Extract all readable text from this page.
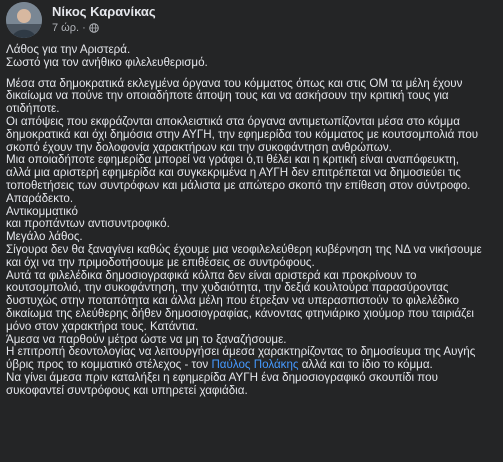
Νίκος Καρανίκας
7 ώρ. ·

Λάθος για την Αριστερά.

Σωστό για τον ανήθικο φιλελευθερισμό.

Μέσα στα δημοκρατικά εκλεγμένα όργανα του κόμματος όπως και στις ΟΜ τα μέλη έχουν
δικαίωμα να πούνε την οποιαδήποτε άποψη τους και να ασκήσουν την κριτική τους για
οτιδήποτε.

Οι απόψεις που εκφράζονται αποκλειστικά στα όργανα αντιμετωπίζονται μέσα στο κόμμα
δημοκρατικά και όχι δημόσια στην ΑΥΓΗ, την εφημερίδα του κόμματος με κουτσομπολιά που
σκοπό έχουν την δολοφονία χαρακτήρων και την συκοφάντηση ανθρώπων.

Μια οποιαδήποτε εφημερίδα μπορεί να γράφει ό,τι θέλει και η κριτική είναι αναπόφευκτη,
αλλά μια αριστερή εφημερίδα και συγκεκριμένα η ΑΥΓΗ δεν επιτρέπεται να δημοσιεύει τις
τοποθετήσεις των συντρόφων και μάλιστα με απώτερο σκοπό την επίθεση στον σύντροφο.

Απαράδεκτο.

Αντικομματικό
και προπάντων αντισυντροφικό.

Μεγάλο λάθος.

Σίγουρα δεν θα ξαναγίνει καθώς έχουμε μια νεοφιλελεύθερη κυβέρνηση της ΝΔ να νικήσουμε
και όχι να την πριμοδοτήσουμε με επιθέσεις σε συντρόφους.

Αυτά τα φιλελέδικα δημοσιογραφικά κόλπα δεν είναι αριστερά και προκρίνουν το
κουτσομπολιό, την συκοφάντηση, την χυδαιότητα, την δεξιά κουλτούρα παρασύροντας
δυστυχώς στην ποταπότητα και άλλα μέλη που έτρεξαν να υπερασπιστούν το φιλελέδικο
δικαίωμα της ελεύθερης δήθεν δημοσιογραφίας, κάνοντας φτηνιάρικο χιούμορ που ταιριάζει
μόνο στον χαρακτήρα τους. Κατάντια.

Άμεσα να παρθούν μέτρα ώστε να μη το ξαναζήσουμε.

Η επιτροπή δεοντολογίας να λειτουργήσει άμεσα χαρακτηρίζοντας το δημοσίευμα της Αυγής
ύβρις προς το κομματικό στέλεχος - τον Παύλος Πολάκης αλλά και το ίδιο το κόμμα.

Να γίνει άμεσα πριν καταλήξει η εφημερίδα ΑΥΓΗ ένα δημοσιογραφικό σκουπίδι που
συκοφαντεί συντρόφους και υπηρετεί χαφιάδια.
